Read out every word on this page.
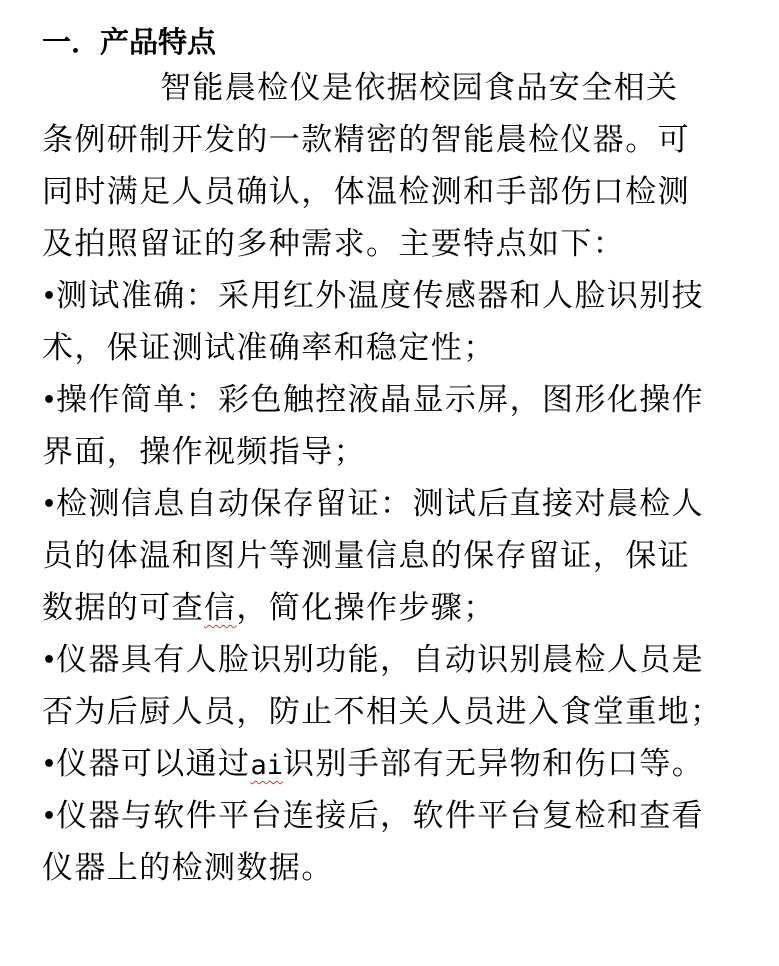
一．产品特点
智能晨检仪是依据校园食品安全相关
条例研制开发的一款精密的智能晨检仪器。可
同时满足人员确认，体温检测和手部伤口检测
及拍照留证的多种需求。主要特点如下：
•测试准确：采用红外温度传感器和人脸识别技
术，保证测试准确率和稳定性；
•操作简单：彩色触控液晶显示屏，图形化操作
界面，操作视频指导；
•检测信息自动保存留证：测试后直接对晨检人
员的体温和图片等测量信息的保存留证，保证
数据的可查信，简化操作步骤；
•仪器具有人脸识别功能，自动识别晨检人员是
否为后厨人员，防止不相关人员进入食堂重地；
•仪器可以通过ai识别手部有无异物和伤口等。
•仪器与软件平台连接后，软件平台复检和查看
仪器上的检测数据。
